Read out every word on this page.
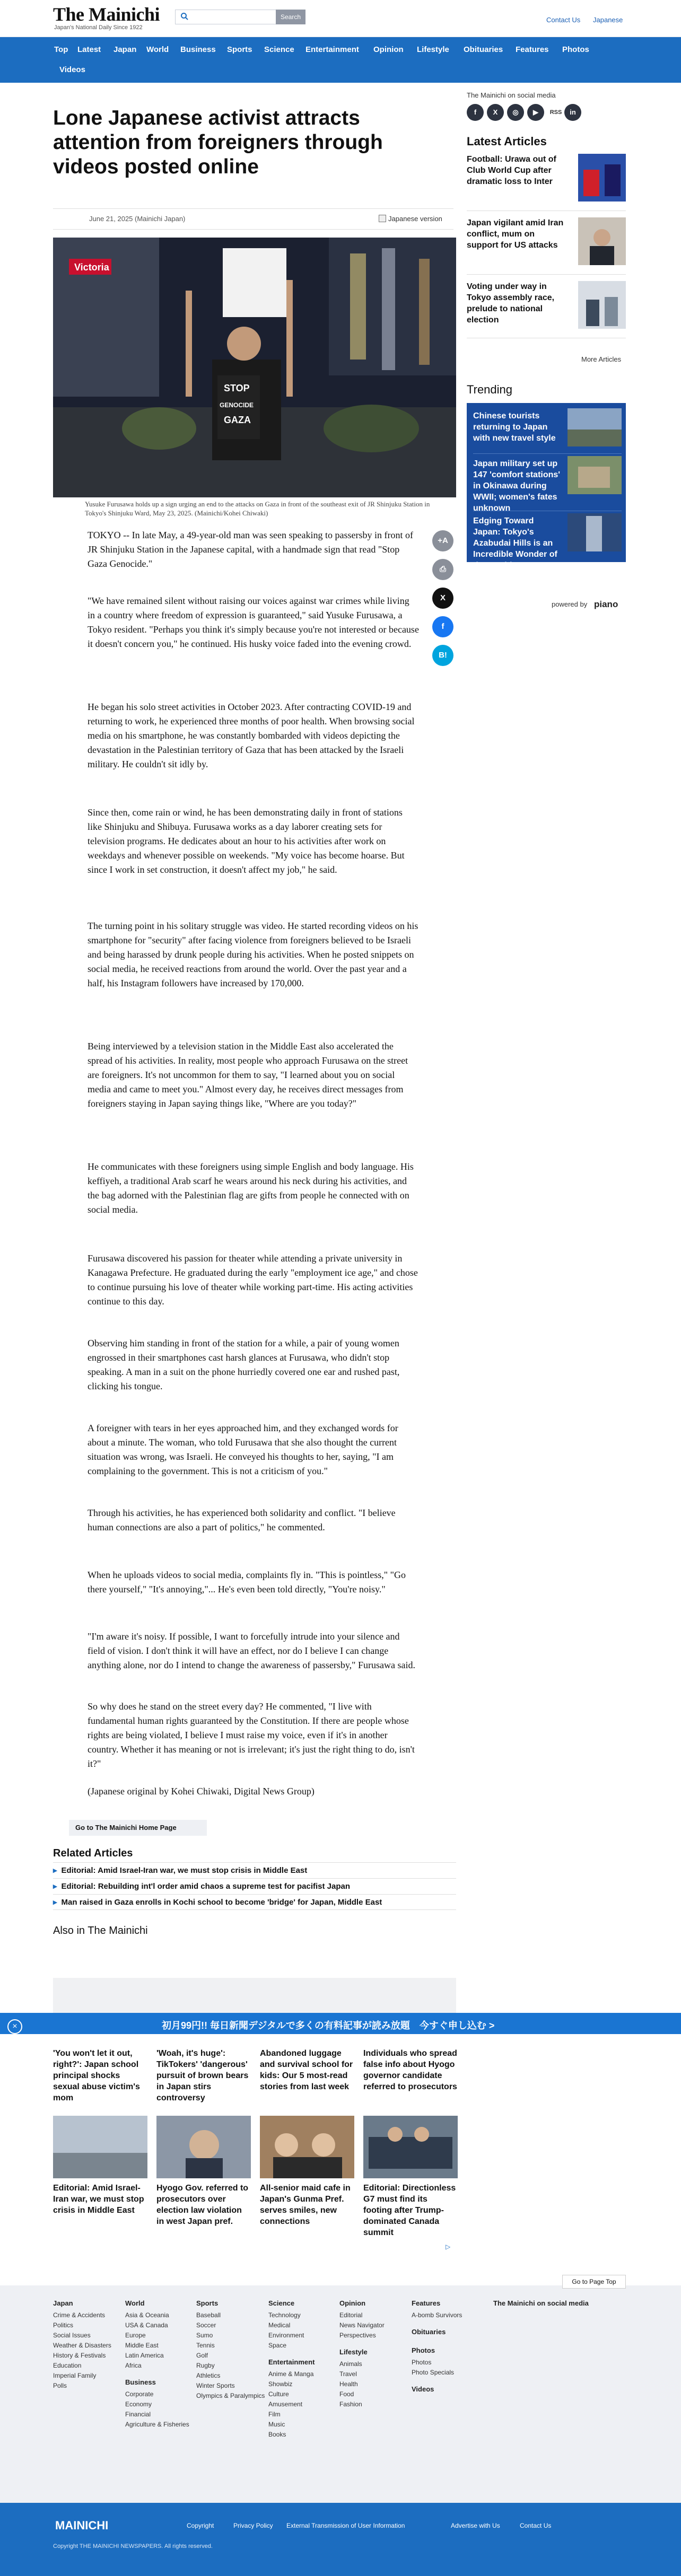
The Mainichi
Japan's National Daily Since 1922
Search	Contact Us Japanese
Top Latest Japan World Business Sports Science Entertainment Opinion Lifestyle Obituaries Features Photos
Videos
Lone Japanese activist attracts attention from foreigners through videos posted online
June 21, 2025 (Mainichi Japan)	Japanese version
Victoria
STOP
GENOCIDE
GAZA
Yusuke Furusawa holds up a sign urging an end to the attacks on Gaza in front of the southeast exit of JR Shinjuku Station in Tokyo's Shinjuku Ward, May 23, 2025. (Mainichi/Kohei Chiwaki)
+A
⎙
X
f
B!

TOKYO -- In late May, a 49-year-old man was seen speaking to passersby in front of JR Shinjuku Station in the Japanese capital, with a handmade sign that read "Stop Gaza Genocide."

"We have remained silent without raising our voices against war crimes while living in a country where freedom of expression is guaranteed," said Yusuke Furusawa, a Tokyo resident. "Perhaps you think it's simply because you're not interested or because it doesn't concern you," he continued. His husky voice faded into the evening crowd.

He began his solo street activities in October 2023. After contracting COVID-19 and returning to work, he experienced three months of poor health. When browsing social media on his smartphone, he was constantly bombarded with videos depicting the devastation in the Palestinian territory of Gaza that has been attacked by the Israeli military. He couldn't sit idly by.

Since then, come rain or wind, he has been demonstrating daily in front of stations like Shinjuku and Shibuya. Furusawa works as a day laborer creating sets for television programs. He dedicates about an hour to his activities after work on weekdays and whenever possible on weekends. "My voice has become hoarse. But since I work in set construction, it doesn't affect my job," he said.

The turning point in his solitary struggle was video. He started recording videos on his smartphone for "security" after facing violence from foreigners believed to be Israeli and being harassed by drunk people during his activities. When he posted snippets on social media, he received reactions from around the world. Over the past year and a half, his Instagram followers have increased by 170,000.

Being interviewed by a television station in the Middle East also accelerated the spread of his activities. In reality, most people who approach Furusawa on the street are foreigners. It's not uncommon for them to say, "I learned about you on social media and came to meet you." Almost every day, he receives direct messages from foreigners staying in Japan saying things like, "Where are you today?"

He communicates with these foreigners using simple English and body language. His keffiyeh, a traditional Arab scarf he wears around his neck during his activities, and the bag adorned with the Palestinian flag are gifts from people he connected with on social media.

Furusawa discovered his passion for theater while attending a private university in Kanagawa Prefecture. He graduated during the early "employment ice age," and chose to continue pursuing his love of theater while working part-time. His acting activities continue to this day.

Observing him standing in front of the station for a while, a pair of young women engrossed in their smartphones cast harsh glances at Furusawa, who didn't stop speaking. A man in a suit on the phone hurriedly covered one ear and rushed past, clicking his tongue.

A foreigner with tears in her eyes approached him, and they exchanged words for about a minute. The woman, who told Furusawa that she also thought the current situation was wrong, was Israeli. He conveyed his thoughts to her, saying, "I am complaining to the government. This is not a criticism of you."

Through his activities, he has experienced both solidarity and conflict. "I believe human connections are also a part of politics," he commented.

When he uploads videos to social media, complaints fly in. "This is pointless," "Go there yourself," "It's annoying,"... He's even been told directly, "You're noisy."

"I'm aware it's noisy. If possible, I want to forcefully intrude into your silence and field of vision. I don't think it will have an effect, nor do I believe I can change anything alone, nor do I intend to change the awareness of passersby," Furusawa said.

So why does he stand on the street every day? He commented, "I live with fundamental human rights guaranteed by the Constitution. If there are people whose rights are being violated, I believe I must raise my voice, even if it's in another country. Whether it has meaning or not is irrelevant; it's just the right thing to do, isn't it?"

(Japanese original by Kohei Chiwaki, Digital News Group)

Go to The Mainichi Home Page
Related Articles
▸ Editorial: Amid Israel-Iran war, we must stop crisis in Middle East
▸ Editorial: Rebuilding int'l order amid chaos a supreme test for pacifist Japan
▸ Man raised in Gaza enrolls in Kochi school to become 'bridge' for Japan, Middle East
Also in The Mainichi
×	初月99円!! 毎日新聞デジタルで多くの有料記事が読み放題　今すぐ申し込む >
'You won't let it out, right?': Japan school principal shocks sexual abuse victim's mom
'Woah, it's huge': TikTokers' 'dangerous' pursuit of brown bears in Japan stirs controversy
Abandoned luggage and survival school for kids: Our 5 most-read stories from last week
Individuals who spread false info about Hyogo governor candidate referred to prosecutors
Editorial: Amid Israel-Iran war, we must stop crisis in Middle East
Hyogo Gov. referred to prosecutors over election law violation in west Japan pref.
All-senior maid cafe in Japan's Gunma Pref. serves smiles, new connections
Editorial: Directionless G7 must find its footing after Trump-dominated Canada summit
▷
The Mainichi on social media
f	X	◎	▶	RSS	in
Latest Articles
Football: Urawa out of Club World Cup after dramatic loss to Inter
Japan vigilant amid Iran conflict, mum on support for US attacks
Voting under way in Tokyo assembly race, prelude to national election
More Articles
Trending
Chinese tourists returning to Japan with new travel style
Japan military set up 147 'comfort stations' in Okinawa during WWII; women's fates unknown
Edging Toward Japan: Tokyo's Azabudai Hills is an Incredible Wonder of the World
powered by piano
Go to Page Top
Japan
Crime & Accidents
Politics
Social Issues
Weather & Disasters
History & Festivals
Education
Imperial Family
Polls
World
Asia & Oceania
USA & Canada
Europe
Middle East
Latin America
Africa
Business
Corporate
Economy
Financial
Agriculture & Fisheries
Sports
Baseball
Soccer
Sumo
Tennis
Golf
Rugby
Athletics
Winter Sports
Olympics & Paralympics
Science
Technology
Medical
Environment
Space
Entertainment
Anime & Manga
Showbiz
Culture
Amusement
Film
Music
Books
Opinion
Editorial
News Navigator
Perspectives
Lifestyle
Animals
Travel
Health
Food
Fashion
Features
A-bomb Survivors
Obituaries
Photos
Photos
Photo Specials
Videos
The Mainichi on social media
MAINICHI	Copyright	Privacy Policy External Transmission of User Information	Advertise with Us	Contact Us
Copyright THE MAINICHI NEWSPAPERS. All rights reserved.
